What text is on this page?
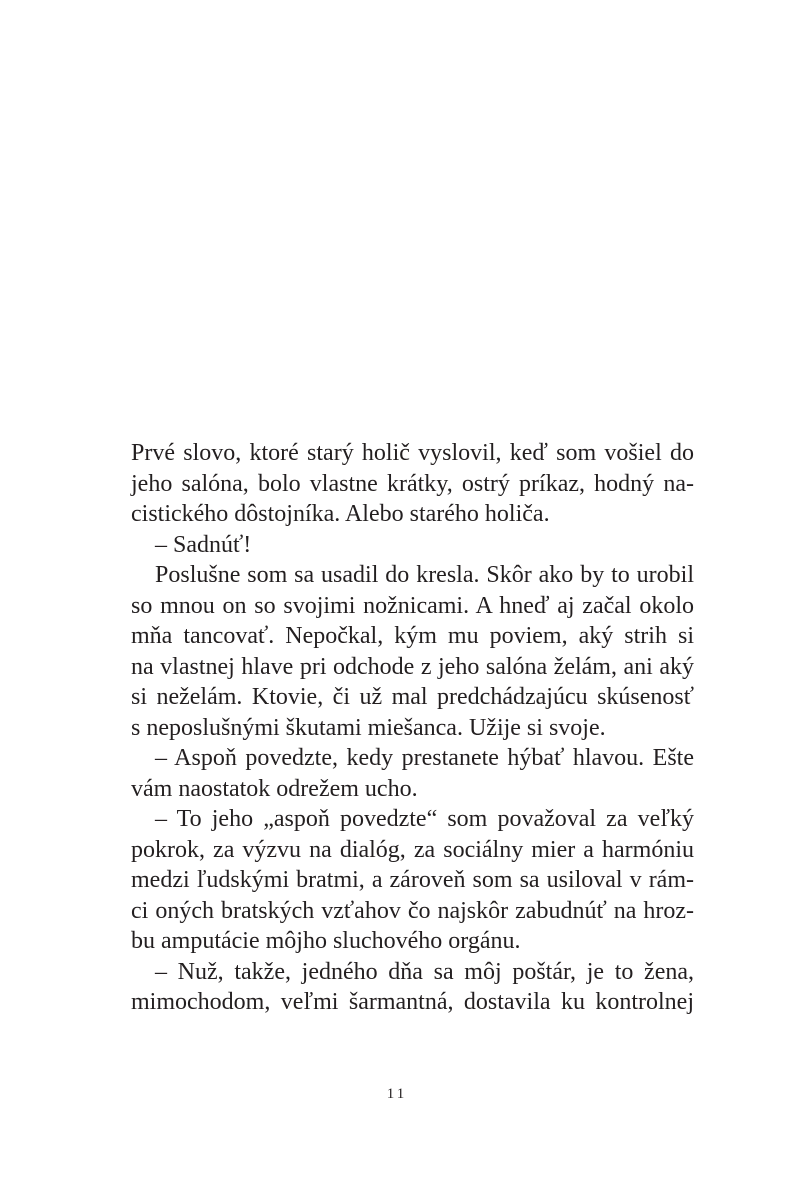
Prvé slovo, ktoré starý holič vyslovil, keď som vošiel do
jeho salóna, bolo vlastne krátky, ostrý príkaz, hodný na-
cistického dôstojníka. Alebo starého holiča.
– Sadnúť!
Poslušne som sa usadil do kresla. Skôr ako by to urobil
so mnou on so svojimi nožnicami. A hneď aj začal okolo
mňa tancovať. Nepočkal, kým mu poviem, aký strih si
na vlastnej hlave pri odchode z jeho salóna želám, ani aký
si neželám. Ktovie, či už mal predchádzajúcu skúsenosť
s neposlušnými škutami miešanca. Užije si svoje.
– Aspoň povedzte, kedy prestanete hýbať hlavou. Ešte
vám naostatok odrežem ucho.
– To jeho „aspoň povedzte“ som považoval za veľký
pokrok, za výzvu na dialóg, za sociálny mier a harmóniu
medzi ľudskými bratmi, a zároveň som sa usiloval v rám-
ci oných bratských vzťahov čo najskôr zabudnúť na hroz-
bu amputácie môjho sluchového orgánu.
– Nuž, takže, jedného dňa sa môj poštár, je to žena,
mimochodom, veľmi šarmantná, dostavila ku kontrolnej
11
